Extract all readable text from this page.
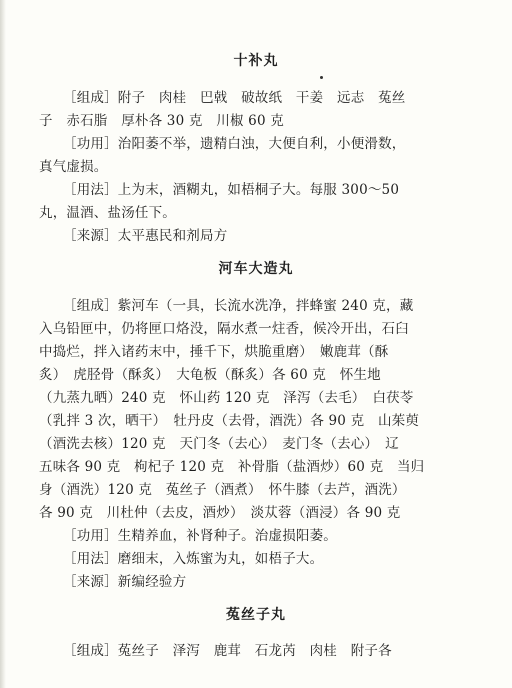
十补丸
［组成］附子　肉桂　巴戟　破故纸　干姜　远志　菟丝
子　赤石脂　厚朴各 30 克　川椒 60 克
［功用］治阳萎不举，遗精白浊，大便自利，小便滑数，
真气虚损。
［用法］上为末，酒糊丸，如梧桐子大。每服 300～50
丸，温酒、盐汤任下。
［来源］太平惠民和剂局方
河车大造丸
［组成］紫河车（一具，长流水洗净，拌蜂蜜 240 克，藏
入乌铅匣中，仍将匣口烙没，隔水煮一炷香，候冷开出，石臼
中捣烂，拌入诸药末中，捶千下，烘脆重磨）　嫩鹿茸（酥
炙）　虎胫骨（酥炙）　大龟板（酥炙）各 60 克　怀生地
（九蒸九晒）240 克　怀山药 120 克　泽泻（去毛）　白茯苓
（乳拌 3 次，晒干）　牡丹皮（去骨，酒洗）各 90 克　山茱萸
（酒洗去核）120 克　天门冬（去心）　麦门冬（去心）　辽
五味各 90 克　枸杞子 120 克　补骨脂（盐酒炒）60 克　当归
身（酒洗）120 克　菟丝子（酒煮）　怀牛膝（去芦，酒洗）
各 90 克　川杜仲（去皮，酒炒）　淡苁蓉（酒浸）各 90 克
［功用］生精养血，补肾种子。治虚损阳萎。
［用法］磨细末，入炼蜜为丸，如梧子大。
［来源］新编经验方
菟丝子丸
［组成］菟丝子　泽泻　鹿茸　石龙芮　肉桂　附子各
